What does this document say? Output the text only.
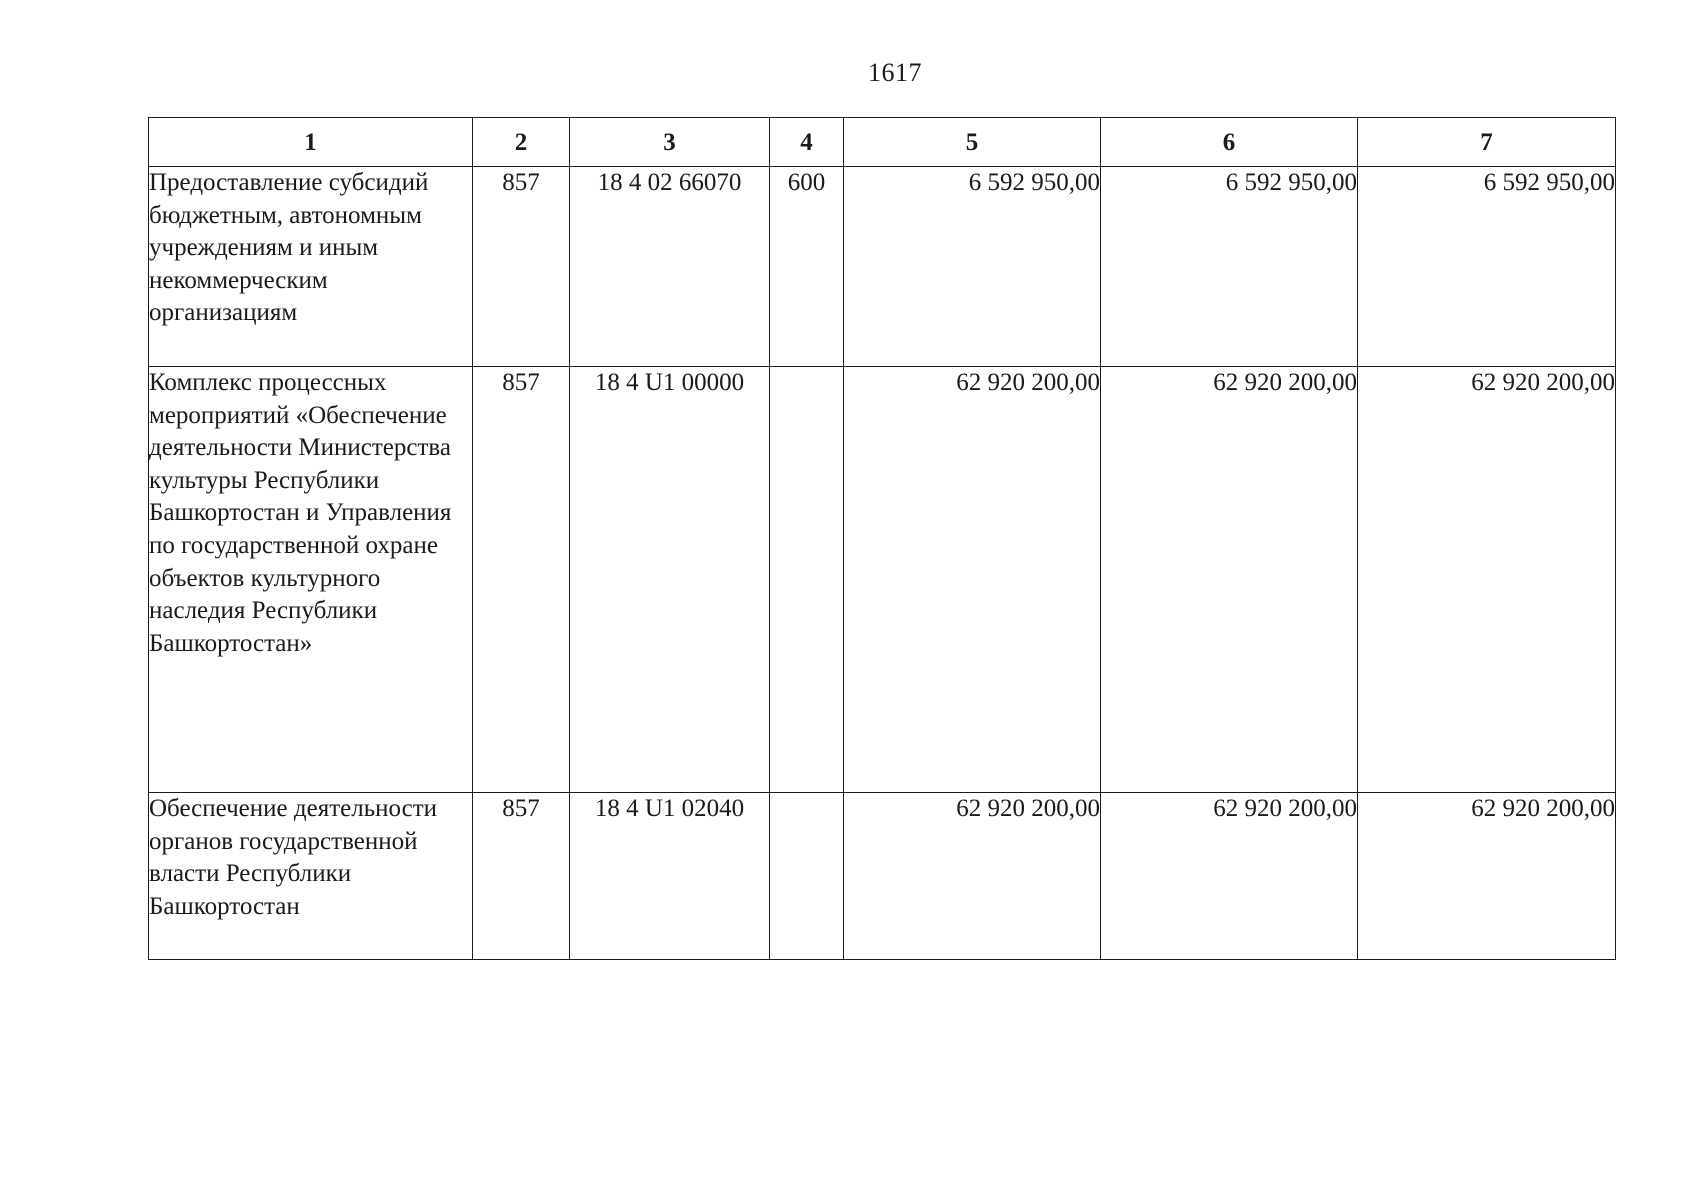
1617
1	2	3	4	5	6	7
Предоставление субсидий бюджетным, автономным учреждениям и иным некоммерческим организациям	857	18 4 02 66070	600	6 592 950,00	6 592 950,00	6 592 950,00
Комплекс процессных мероприятий «Обеспечение деятельности Министерства культуры Республики Башкортостан и Управления по государственной охране объектов культурного наследия Республики Башкортостан»	857	18 4 U1 00000		62 920 200,00	62 920 200,00	62 920 200,00
Обеспечение деятельности органов государственной власти Республики Башкортостан	857	18 4 U1 02040		62 920 200,00	62 920 200,00	62 920 200,00
